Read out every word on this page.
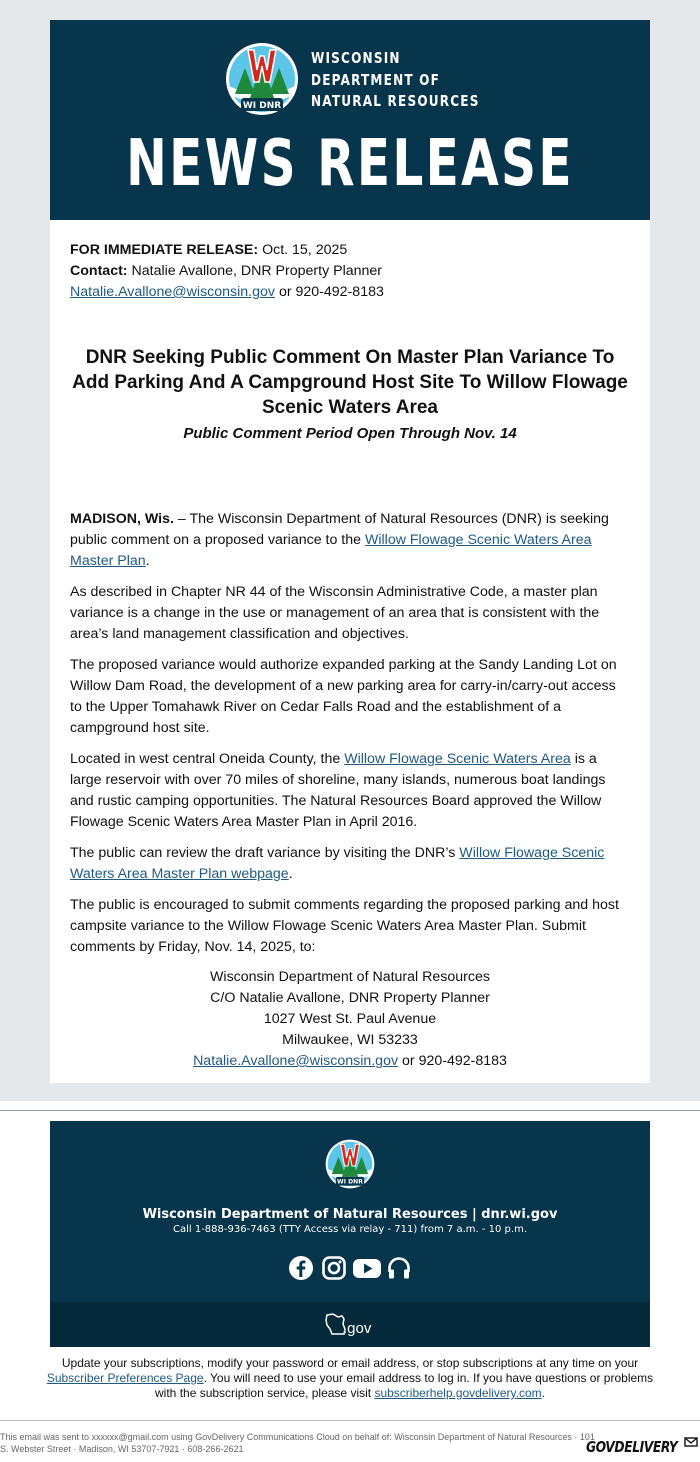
WI DNR
WISCONSIN
DEPARTMENT OF
NATURAL RESOURCES
NEWS RELEASE
FOR IMMEDIATE RELEASE: Oct. 15, 2025
Contact: Natalie Avallone, DNR Property Planner
Natalie.Avallone@wisconsin.gov or 920-492-8183
DNR Seeking Public Comment On Master Plan Variance To Add Parking And A Campground Host Site To Willow Flowage Scenic Waters Area
Public Comment Period Open Through Nov. 14

MADISON, Wis. – The Wisconsin Department of Natural Resources (DNR) is seeking public comment on a proposed variance to the Willow Flowage Scenic Waters Area Master Plan.

As described in Chapter NR 44 of the Wisconsin Administrative Code, a master plan variance is a change in the use or management of an area that is consistent with the area’s land management classification and objectives.

The proposed variance would authorize expanded parking at the Sandy Landing Lot on Willow Dam Road, the development of a new parking area for carry-in/carry-out access to the Upper Tomahawk River on Cedar Falls Road and the establishment of a campground host site.

Located in west central Oneida County, the Willow Flowage Scenic Waters Area is a large reservoir with over 70 miles of shoreline, many islands, numerous boat landings and rustic camping opportunities. The Natural Resources Board approved the Willow Flowage Scenic Waters Area Master Plan in April 2016.

The public can review the draft variance by visiting the DNR’s Willow Flowage Scenic Waters Area Master Plan webpage.

The public is encouraged to submit comments regarding the proposed parking and host campsite variance to the Willow Flowage Scenic Waters Area Master Plan. Submit comments by Friday, Nov. 14, 2025, to:

Wisconsin Department of Natural Resources
C/O Natalie Avallone, DNR Property Planner
1027 West St. Paul Avenue
Milwaukee, WI 53233
Natalie.Avallone@wisconsin.gov or 920-492-8183
WI DNR
Wisconsin Department of Natural Resources | dnr.wi.gov
Call 1-888-936-7463 (TTY Access via relay - 711) from 7 a.m. - 10 p.m.
.gov
Update your subscriptions, modify your password or email address, or stop subscriptions at any time on your Subscriber Preferences Page. You will need to use your email address to log in. If you have questions or problems with the subscription service, please visit subscriberhelp.govdelivery.com.
This email was sent to xxxxxx@gmail.com using GovDelivery Communications Cloud on behalf of: Wisconsin Department of Natural Resources · 101 S. Webster Street · Madison, WI 53707-7921 · 608-266-2621	GOVDELIVERY
